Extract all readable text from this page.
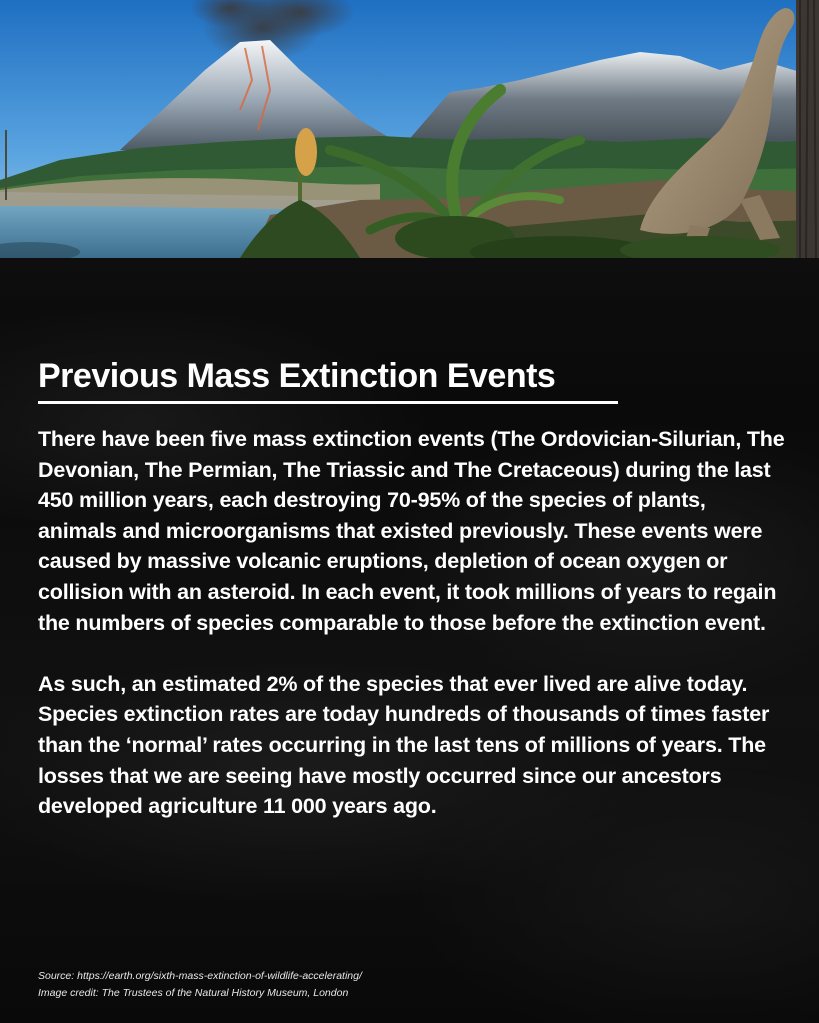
Previous Mass Extinction Events

There have been five mass extinction events (The Ordovician-Silurian, The Devonian, The Permian, The Triassic and The Cretaceous) during the last 450 million years, each destroying 70-95% of the species of plants, animals and microorganisms that existed previously. These events were caused by massive volcanic eruptions, depletion of ocean oxygen or collision with an asteroid. In each event, it took millions of years to regain the numbers of species comparable to those before the extinction event.

As such, an estimated 2% of the species that ever lived are alive today. Species extinction rates are today hundreds of thousands of times faster than the ‘normal’ rates occurring in the last tens of millions of years. The losses that we are seeing have mostly occurred since our ancestors developed agriculture 11 000 years ago.

Source: https://earth.org/sixth-mass-extinction-of-wildlife-accelerating/
Image credit: The Trustees of the Natural History Museum, London
